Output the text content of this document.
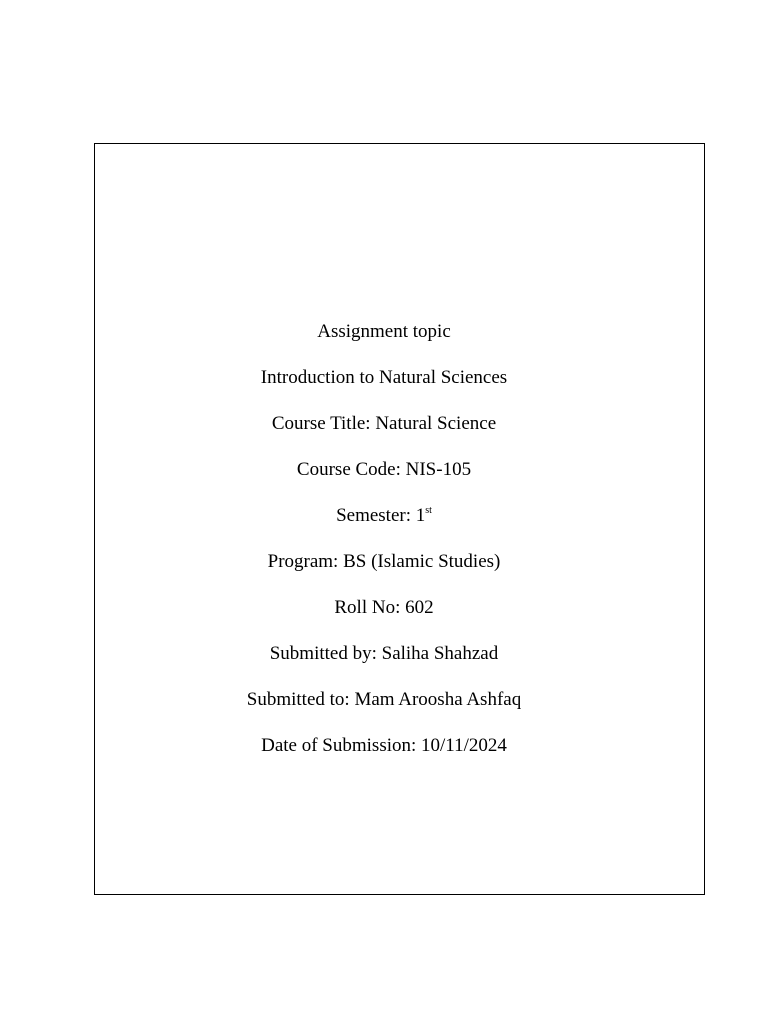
Assignment topic
Introduction to Natural Sciences
Course Title: Natural Science
Course Code: NIS-105
Semester: 1st
Program: BS (Islamic Studies)
Roll No: 602
Submitted by: Saliha Shahzad
Submitted to: Mam Aroosha Ashfaq
Date of Submission: 10/11/2024
